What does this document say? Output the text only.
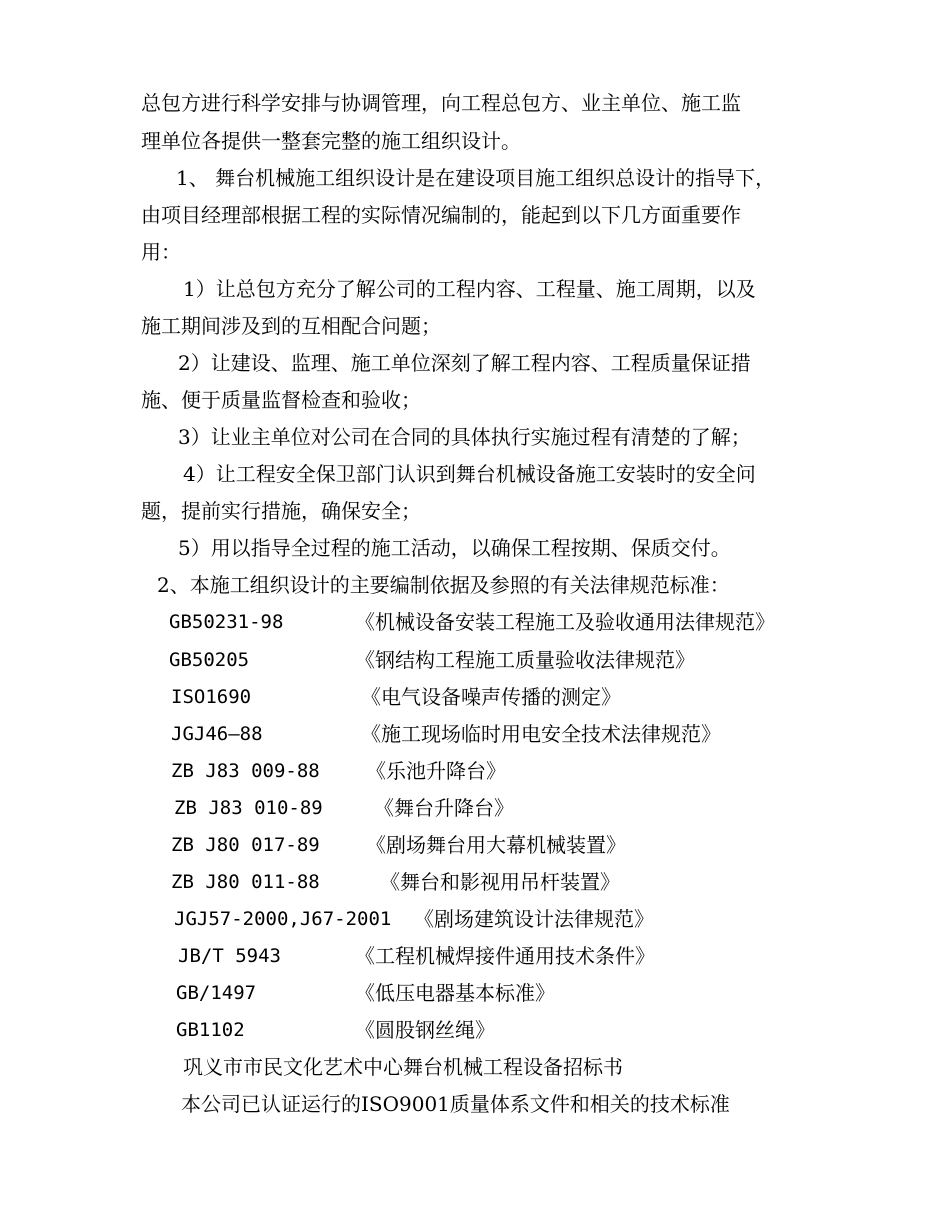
总包方进行科学安排与协调管理，向工程总包方、业主单位、施工监
理单位各提供一整套完整的施工组织设计。
1、 舞台机械施工组织设计是在建设项目施工组织总设计的指导下，
由项目经理部根据工程的实际情况编制的，能起到以下几方面重要作
用：
1）让总包方充分了解公司的工程内容、工程量、施工周期，以及
施工期间涉及到的互相配合问题；
2）让建设、监理、施工单位深刻了解工程内容、工程质量保证措
施、便于质量监督检查和验收；
3）让业主单位对公司在合同的具体执行实施过程有清楚的了解；
4）让工程安全保卫部门认识到舞台机械设备施工安装时的安全问
题，提前实行措施，确保安全；
5）用以指导全过程的施工活动，以确保工程按期、保质交付。
2、本施工组织设计的主要编制依据及参照的有关法律规范标准：
GB50231-98	《机械设备安装工程施工及验收通用法律规范》
GB50205	《钢结构工程施工质量验收法律规范》
ISO1690	《电气设备噪声传播的测定》
JGJ46—88	《施工现场临时用电安全技术法律规范》
ZB J83 009-88 《乐池升降台》
ZB J83 010-89	《舞台升降台》
ZB J80 017-89 《剧场舞台用大幕机械装置》
ZB J80 011-88	《舞台和影视用吊杆装置》
JGJ57-2000,J67-2001 《剧场建筑设计法律规范》
JB/T 5943	《工程机械焊接件通用技术条件》
GB/1497	《低压电器基本标准》
GB1102	《圆股钢丝绳》
巩义市市民文化艺术中心舞台机械工程设备招标书
本公司已认证运行的ISO9001质量体系文件和相关的技术标准
